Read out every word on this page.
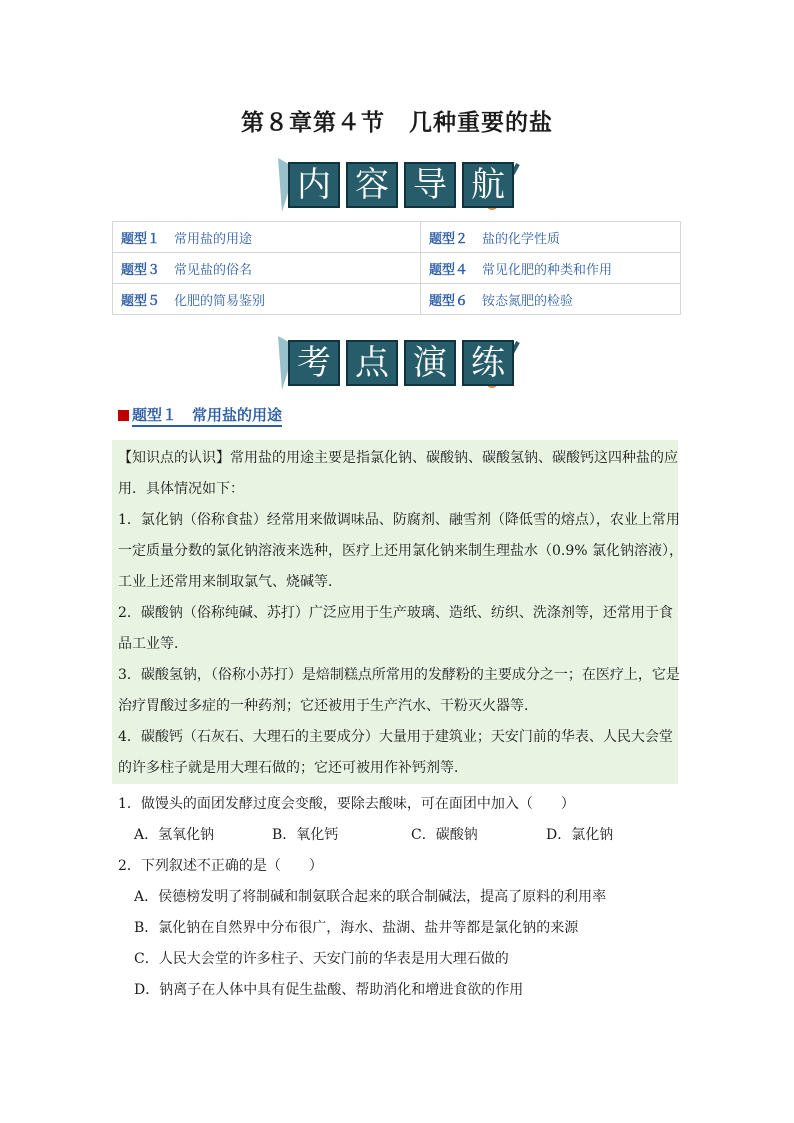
第８章第４节　几种重要的盐
内 容 导 航
题型１ 常用盐的用途	题型２ 盐的化学性质
题型３ 常见盐的俗名	题型４ 常见化肥的种类和作用
题型５ 化肥的简易鉴别	题型６ 铵态氮肥的检验
考 点 演 练
题型１　常用盐的用途

【知识点的认识】常用盐的用途主要是指氯化钠、碳酸钠、碳酸氢钠、碳酸钙这四种盐的应

用．具体情况如下：

1．氯化钠（俗称食盐）经常用来做调味品、防腐剂、融雪剂（降低雪的熔点），农业上常用

一定质量分数的氯化钠溶液来选种，医疗上还用氯化钠来制生理盐水（0.9% 氯化钠溶液），

工业上还常用来制取氯气、烧碱等．

2．碳酸钠（俗称纯碱、苏打）广泛应用于生产玻璃、造纸、纺织、洗涤剂等，还常用于食

品工业等．

3．碳酸氢钠，（俗称小苏打）是焙制糕点所常用的发酵粉的主要成分之一；在医疗上，它是

治疗胃酸过多症的一种药剂；它还被用于生产汽水、干粉灭火器等．

4．碳酸钙（石灰石、大理石的主要成分）大量用于建筑业；天安门前的华表、人民大会堂

的许多柱子就是用大理石做的；它还可被用作补钙剂等．

1．做馒头的面团发酵过度会变酸，要除去酸味，可在面团中加入（　　）
A．氢氧化钠	B．氧化钙	C．碳酸钠	D．氯化钠
2．下列叙述不正确的是（　　）
A．侯德榜发明了将制碱和制氨联合起来的联合制碱法，提高了原料的利用率
B．氯化钠在自然界中分布很广，海水、盐湖、盐井等都是氯化钠的来源
C．人民大会堂的许多柱子、天安门前的华表是用大理石做的
D．钠离子在人体中具有促生盐酸、帮助消化和增进食欲的作用
